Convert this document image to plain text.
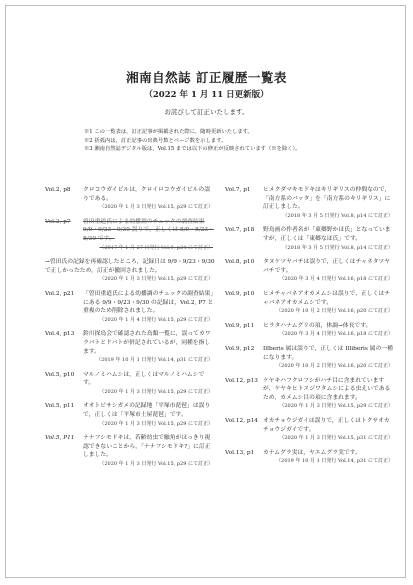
湘南自然誌 訂正履歴一覧表
（2022 年 1 月 11 日更新版）
お詫びして訂正いたします。
※1 この一覧表は，訂正記事が掲載された際に，随時更新いたします。
※2 括弧内は，訂正記事の出典号数とページ数を示します。
※3 湘南自然誌デジタル版は，Vol.15 までは以下の修正が反映されています（※を除く）。
Vol.2, p8	クロコウガイビルは，クロイロコウガイビルの誤りである。
（2020 年 1 月 3 日発行 Vol.15, p29 にて訂正）
Vol.2, p7	曽田重道氏による幼播調のチェックの調査結果 9/9・9/23・9/30 誤りで，正しくは 8/9・8/23・8/30 です。
（2017 年 1 月 27 日発行 Vol.9, p24 にて訂正）
→曽田氏の記録を再確認したところ，記録日は 9/9・9/23・9/30 で正しかったため，訂正が撤回されました。
（2020 年 1 月 3 日発行 Vol.15, p29 にて訂正）
Vol.2, p21	「曽田重道氏による幼播調のチェックの調査結果」にある 9/9・9/23・9/30 の記録は，Vol.2, P7 と重複のため削除されました。
（2020 年 1 月 4 日発行 Vol.15, p29 にて訂正）
Vol.4, p13	鈴川探鳥会で確認された鳥類一覧に，誤ってカワラバトとドバトが併記されているが，同種を指します。
（2019 年 10 月 1 日発行 Vol.14, p31 にて訂正）
Vol.5, p10	マルノミハムシは，正しくはマルノミハムシです。
（2020 年 1 月 3 日発行 Vol.15, p29 にて訂正）
Vol.5, p11	オオトビサシガメの記録地「平塚市琵琶」は誤りで，正しくは「平塚市土屋琵琶」です。
（2020 年 1 月 3 日発行 Vol.15, p29 にて訂正）
Vol.5, P11	ナナフシモドキは，若齢幼虫で触角がはっきり視認できないことから，「ナナフシモドキ?」に訂正しました。
（2020 年 1 月 3 日発行 Vol.15, p29 にて訂正）
Vol.7, p1	ヒメクダマキモドキはキリギリスの仲間なので，「南方系のバッタ」を「南方系のキリギリス」に訂正しました。
（2018 年 3 月 5 日発行 Vol.8, p14 にて訂正）
Vol.7, p18	野鳥画の作者名が「東郷野かほ氏」となっていますが，正しくは「東郷なほ氏」です。
（2018 年 3 月 5 日発行 Vol.8, p14 にて訂正）
Vol.8, p10	タヌケツヤバチは誤りで，正しくはチャネタツヤバチです。
（2020 年 3 月 4 日発行 Vol.16, p18 にて訂正）
Vol.9, p10	ヒメチャバネアオカメムシは誤りで，正しくはチャバネアオカメムシです。
（2020 年 10 月 2 日発行 Vol.16, p20 にて訂正）
Vol.9, p11	ヒラタハナムグリの項，体調→体長です。
（2020 年 3 月 4 日発行 Vol.16, p18 にて訂正）
Vol.9, p12	Illberis 属は誤りで，正しくは Illiberis 属の一種になります。
（2020 年 10 月 2 日発行 Vol.16, p20 にて訂正）
Vol.12, p13 ケヤキハフクロフシがハチ目に含まれていますが，ケヤキヒトスジワタムシによる虫えいであるため，カメムシ目の項に含まれます。
（2020 年 1 月 3 日発行 Vol.15, p29 にて訂正）
Vol.12, p14 オカチョウジガイは誤りで，正しくはトクサオカチョウジガイです。
（2020 年 1 月 3 日発行 Vol.15, p31 にて訂正）
Vol.13, p1	カナムグラ実は，ヤエムグラ実です。
（2019 年 10 月 1 日発行 Vol.14, p31 にて訂正）
